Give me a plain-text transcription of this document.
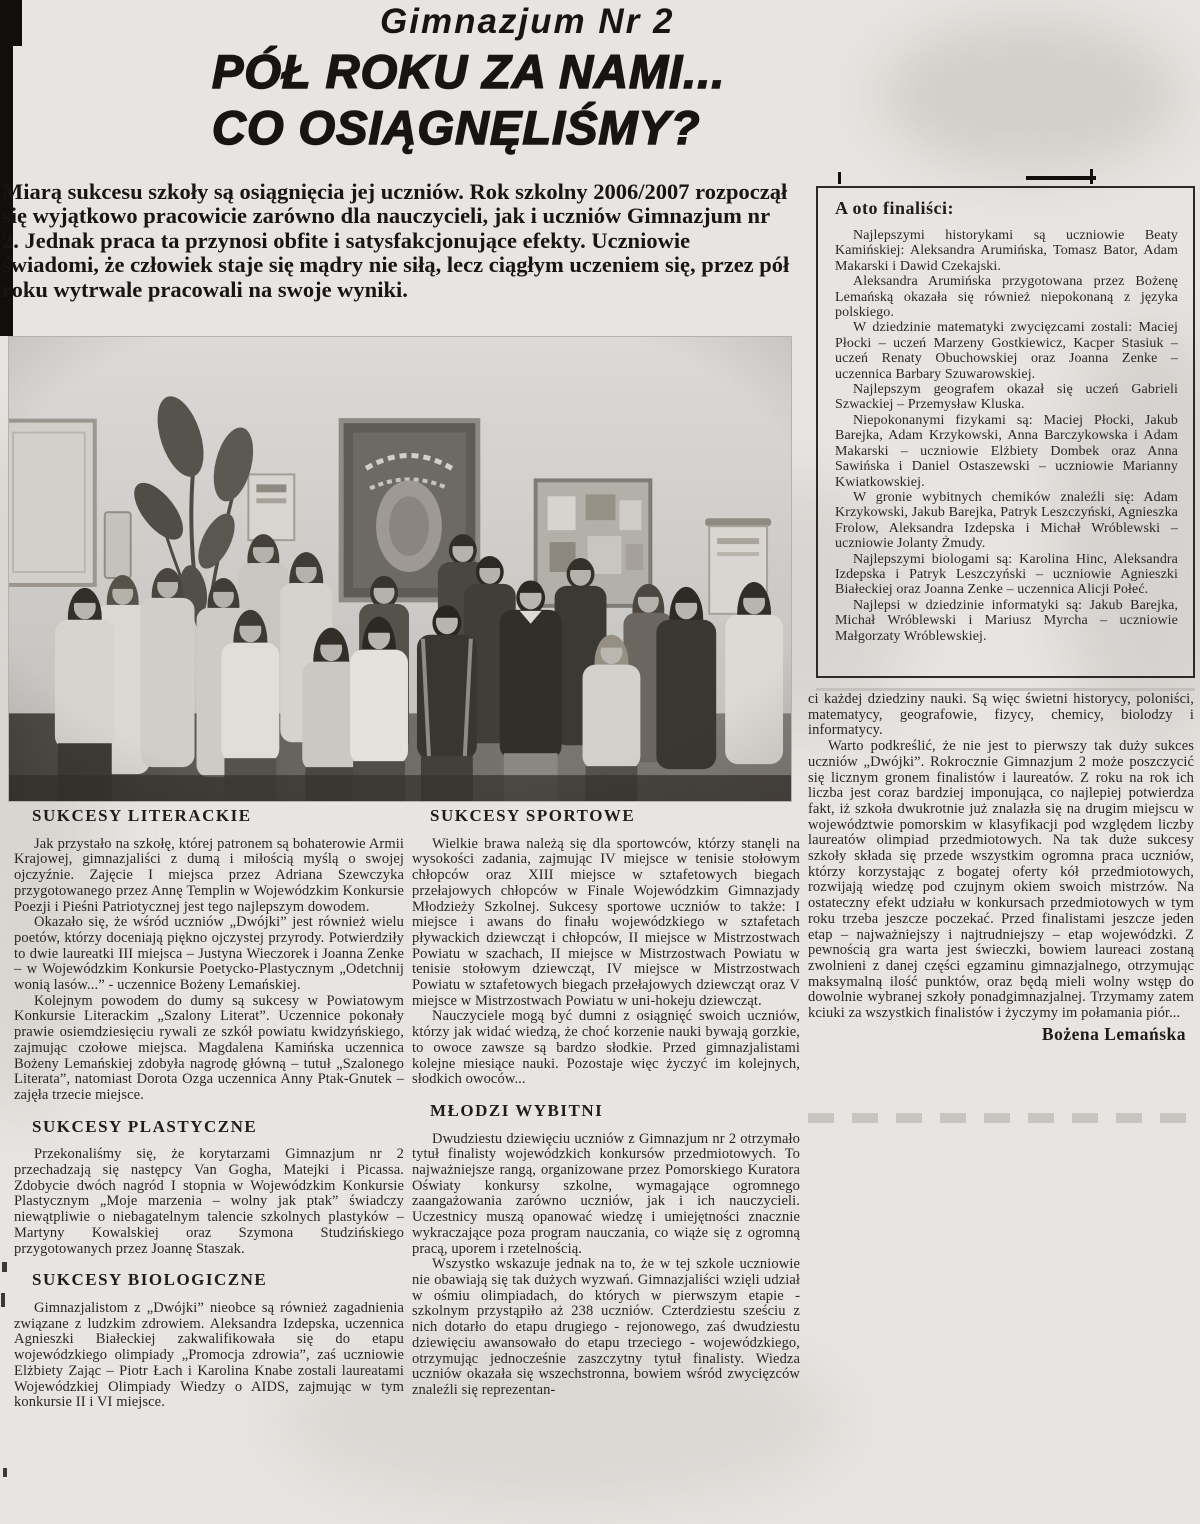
Gimnazjum Nr 2
PÓŁ ROKU ZA NAMI...
CO OSIĄGNĘLIŚMY?

Miarą sukcesu szkoły są osiągnięcia jej uczniów. Rok szkolny 2006/2007 rozpoczął się wyjątkowo pracowicie zarówno dla nauczycieli, jak i uczniów Gimnazjum nr 2. Jednak praca ta przynosi obfite i satysfakcjonujące efekty. Uczniowie świadomi, że człowiek staje się mądry nie siłą, lecz ciągłym uczeniem się, przez pół roku wytrwale pracowali na swoje wyniki.

A oto finaliści:

Najlepszymi historykami są uczniowie Beaty Kamińskiej: Aleksandra Arumińska, Tomasz Bator, Adam Makarski i Dawid Czekajski.

Aleksandra Arumińska przygotowana przez Bożenę Lemańską okazała się również niepokonaną z języka polskiego.

W dziedzinie matematyki zwycięzcami zostali: Maciej Płocki – uczeń Marzeny Gostkiewicz, Kacper Stasiuk – uczeń Renaty Obuchowskiej oraz Joanna Zenke – uczennica Barbary Szuwarowskiej.

Najlepszym geografem okazał się uczeń Gabrieli Szwackiej – Przemysław Kluska.

Niepokonanymi fizykami są: Maciej Płocki, Jakub Barejka, Adam Krzykowski, Anna Barczykowska i Adam Makarski – uczniowie Elżbiety Dombek oraz Anna Sawińska i Daniel Ostaszewski – uczniowie Marianny Kwiatkowskiej.

W gronie wybitnych chemików znaleźli się: Adam Krzykowski, Jakub Barejka, Patryk Leszczyński, Agnieszka Frolow, Aleksandra Izdepska i Michał Wróblewski – uczniowie Jolanty Żmudy.

Najlepszymi biologami są: Karolina Hinc, Aleksandra Izdepska i Patryk Leszczyński – uczniowie Agnieszki Białeckiej oraz Joanna Zenke – uczennica Alicji Połeć.

Najlepsi w dziedzinie informatyki są: Jakub Barejka, Michał Wróblewski i Mariusz Myrcha – uczniowie Małgorzaty Wróblewskiej.

SUKCESY LITERACKIE

Jak przystało na szkołę, której patronem są bohaterowie Armii Krajowej, gimnazjaliści z dumą i miłością myślą o swojej ojczyźnie. Zajęcie I miejsca przez Adriana Szewczyka przygotowanego przez Annę Templin w Wojewódzkim Konkursie Poezji i Pieśni Patriotycznej jest tego najlepszym dowodem.

Okazało się, że wśród uczniów „Dwójki” jest również wielu poetów, którzy doceniają piękno ojczystej przyrody. Potwierdziły to dwie laureatki III miejsca – Justyna Wieczorek i Joanna Zenke – w Wojewódzkim Konkursie Poetycko-Plastycznym „Odetchnij wonią lasów...” - uczennice Bożeny Lemańskiej.

Kolejnym powodem do dumy są sukcesy w Powiatowym Konkursie Literackim „Szalony Literat”. Uczennice pokonały prawie osiemdziesięciu rywali ze szkół powiatu kwidzyńskiego, zajmując czołowe miejsca. Magdalena Kamińska uczennica Bożeny Lemańskiej zdobyła nagrodę główną – tutuł „Szalonego Literata”, natomiast Dorota Ozga uczennica Anny Ptak-Gnutek – zajęła trzecie miejsce.

SUKCESY PLASTYCZNE

Przekonaliśmy się, że korytarzami Gimnazjum nr 2 przechadzają się następcy Van Gogha, Matejki i Picassa. Zdobycie dwóch nagród I stopnia w Wojewódzkim Konkursie Plastycznym „Moje marzenia – wolny jak ptak” świadczy niewątpliwie o niebagatelnym talencie szkolnych plastyków – Martyny Kowalskiej oraz Szymona Studzińskiego przygotowanych przez Joannę Staszak.

SUKCESY BIOLOGICZNE

Gimnazjalistom z „Dwójki” nieobce są również zagadnienia związane z ludzkim zdrowiem. Aleksandra Izdepska, uczennica Agnieszki Białeckiej zakwalifikowała się do etapu wojewódzkiego olimpiady „Promocja zdrowia”, zaś uczniowie Elżbiety Zając – Piotr Łach i Karolina Knabe zostali laureatami Wojewódzkiej Olimpiady Wiedzy o AIDS, zajmując w tym konkursie II i VI miejsce.

SUKCESY SPORTOWE

Wielkie brawa należą się dla sportowców, którzy stanęli na wysokości zadania, zajmując IV miejsce w tenisie stołowym chłopców oraz XIII miejsce w sztafetowych biegach przełajowych chłopców w Finale Wojewódzkim Gimnazjady Młodzieży Szkolnej. Sukcesy sportowe uczniów to także: I miejsce i awans do finału wojewódzkiego w sztafetach pływackich dziewcząt i chłopców, II miejsce w Mistrzostwach Powiatu w szachach, II miejsce w Mistrzostwach Powiatu w tenisie stołowym dziewcząt, IV miejsce w Mistrzostwach Powiatu w sztafetowych biegach przełajowych dziewcząt oraz V miejsce w Mistrzostwach Powiatu w uni-hokeju dziewcząt.

Nauczyciele mogą być dumni z osiągnięć swoich uczniów, którzy jak widać wiedzą, że choć korzenie nauki bywają gorzkie, to owoce zawsze są bardzo słodkie. Przed gimnazjalistami kolejne miesiące nauki. Pozostaje więc życzyć im kolejnych, słodkich owoców...

MŁODZI WYBITNI

Dwudziestu dziewięciu uczniów z Gimnazjum nr 2 otrzymało tytuł finalisty wojewódzkich konkursów przedmiotowych. To najważniejsze rangą, organizowane przez Pomorskiego Kuratora Oświaty konkursy szkolne, wymagające ogromnego zaangażowania zarówno uczniów, jak i ich nauczycieli. Uczestnicy muszą opanować wiedzę i umiejętności znacznie wykraczające poza program nauczania, co wiąże się z ogromną pracą, uporem i rzetelnością.

Wszystko wskazuje jednak na to, że w tej szkole uczniowie nie obawiają się tak dużych wyzwań. Gimnazjaliści wzięli udział w ośmiu olimpiadach, do których w pierwszym etapie - szkolnym przystąpiło aż 238 uczniów. Czterdziestu sześciu z nich dotarło do etapu drugiego - rejonowego, zaś dwudziestu dziewięciu awansowało do etapu trzeciego - wojewódzkiego, otrzymując jednocześnie zaszczytny tytuł finalisty. Wiedza uczniów okazała się wszechstronna, bowiem wśród zwycięzców znaleźli się reprezentan-

ci każdej dziedziny nauki. Są więc świetni historycy, poloniści, matematycy, geografowie, fizycy, chemicy, biolodzy i informatycy.

Warto podkreślić, że nie jest to pierwszy tak duży sukces uczniów „Dwójki”. Rokrocznie Gimnazjum 2 może poszczycić się licznym gronem finalistów i laureatów. Z roku na rok ich liczba jest coraz bardziej imponująca, co najlepiej potwierdza fakt, iż szkoła dwukrotnie już znalazła się na drugim miejscu w województwie pomorskim w klasyfikacji pod względem liczby laureatów olimpiad przedmiotowych. Na tak duże sukcesy szkoły składa się przede wszystkim ogromna praca uczniów, którzy korzystając z bogatej oferty kół przedmiotowych, rozwijają wiedzę pod czujnym okiem swoich mistrzów. Na ostateczny efekt udziału w konkursach przedmiotowych w tym roku trzeba jeszcze poczekać. Przed finalistami jeszcze jeden etap – najważniejszy i najtrudniejszy – etap wojewódzki. Z pewnością gra warta jest świeczki, bowiem laureaci zostaną zwolnieni z danej części egzaminu gimnazjalnego, otrzymując maksymalną ilość punktów, oraz będą mieli wolny wstęp do dowolnie wybranej szkoły ponadgimnazjalnej. Trzymamy zatem kciuki za wszystkich finalistów i życzymy im połamania piór...

Bożena Lemańska
